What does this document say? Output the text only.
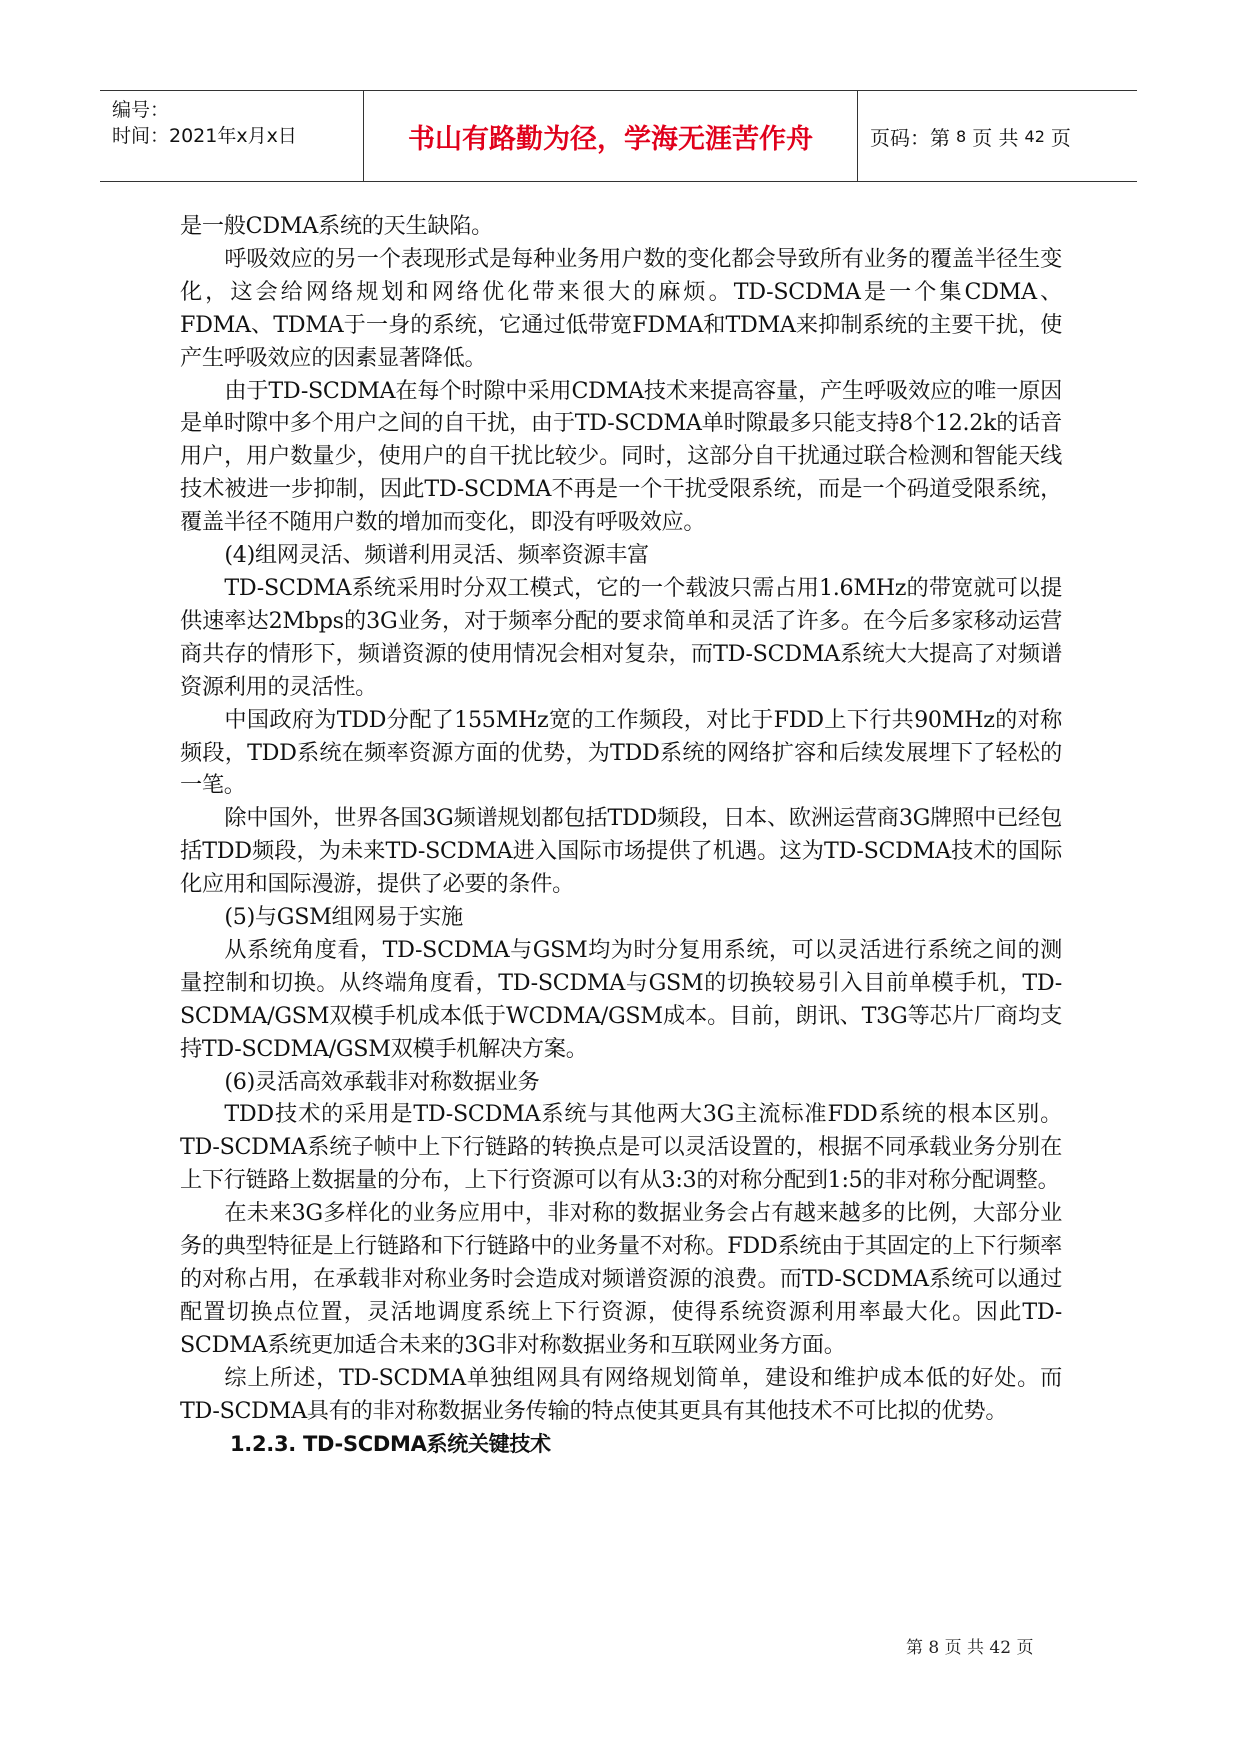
编号：
时间：2021年x月x日	书山有路勤为径，学海无涯苦作舟	页码：第 8 页 共 42 页

是一般CDMA系统的天生缺陷。

呼吸效应的另一个表现形式是每种业务用户数的变化都会导致所有业务的覆盖半径生变化，这会给网络规划和网络优化带来很大的麻烦。TD-SCDMA是一个集CDMA、FDMA、TDMA于一身的系统，它通过低带宽FDMA和TDMA来抑制系统的主要干扰，使产生呼吸效应的因素显著降低。

由于TD-SCDMA在每个时隙中采用CDMA技术来提高容量，产生呼吸效应的唯一原因是单时隙中多个用户之间的自干扰，由于TD-SCDMA单时隙最多只能支持8个12.2k的话音用户，用户数量少，使用户的自干扰比较少。同时，这部分自干扰通过联合检测和智能天线技术被进一步抑制，因此TD-SCDMA不再是一个干扰受限系统，而是一个码道受限系统，覆盖半径不随用户数的增加而变化，即没有呼吸效应。

(4)组网灵活、频谱利用灵活、频率资源丰富

TD-SCDMA系统采用时分双工模式，它的一个载波只需占用1.6MHz的带宽就可以提供速率达2Mbps的3G业务，对于频率分配的要求简单和灵活了许多。在今后多家移动运营商共存的情形下，频谱资源的使用情况会相对复杂，而TD-SCDMA系统大大提高了对频谱资源利用的灵活性。

中国政府为TDD分配了155MHz宽的工作频段，对比于FDD上下行共90MHz的对称频段，TDD系统在频率资源方面的优势，为TDD系统的网络扩容和后续发展埋下了轻松的一笔。

除中国外，世界各国3G频谱规划都包括TDD频段，日本、欧洲运营商3G牌照中已经包括TDD频段，为未来TD-SCDMA进入国际市场提供了机遇。这为TD-SCDMA技术的国际化应用和国际漫游，提供了必要的条件。

(5)与GSM组网易于实施

从系统角度看，TD-SCDMA与GSM均为时分复用系统，可以灵活进行系统之间的测量控制和切换。从终端角度看，TD-SCDMA与GSM的切换较易引入目前单模手机，TD-SCDMA/GSM双模手机成本低于WCDMA/GSM成本。目前，朗讯、T3G等芯片厂商均支持TD-SCDMA/GSM双模手机解决方案。

(6)灵活高效承载非对称数据业务

TDD技术的采用是TD-SCDMA系统与其他两大3G主流标准FDD系统的根本区别。TD-SCDMA系统子帧中上下行链路的转换点是可以灵活设置的，根据不同承载业务分别在上下行链路上数据量的分布，上下行资源可以有从3:3的对称分配到1:5的非对称分配调整。

在未来3G多样化的业务应用中，非对称的数据业务会占有越来越多的比例，大部分业务的典型特征是上行链路和下行链路中的业务量不对称。FDD系统由于其固定的上下行频率的对称占用，在承载非对称业务时会造成对频谱资源的浪费。而TD-SCDMA系统可以通过配置切换点位置，灵活地调度系统上下行资源，使得系统资源利用率最大化。因此TD-SCDMA系统更加适合未来的3G非对称数据业务和互联网业务方面。

综上所述，TD-SCDMA单独组网具有网络规划简单，建设和维护成本低的好处。而TD-SCDMA具有的非对称数据业务传输的特点使其更具有其他技术不可比拟的优势。

1.2.3. TD-SCDMA系统关键技术

第 8 页 共 42 页
